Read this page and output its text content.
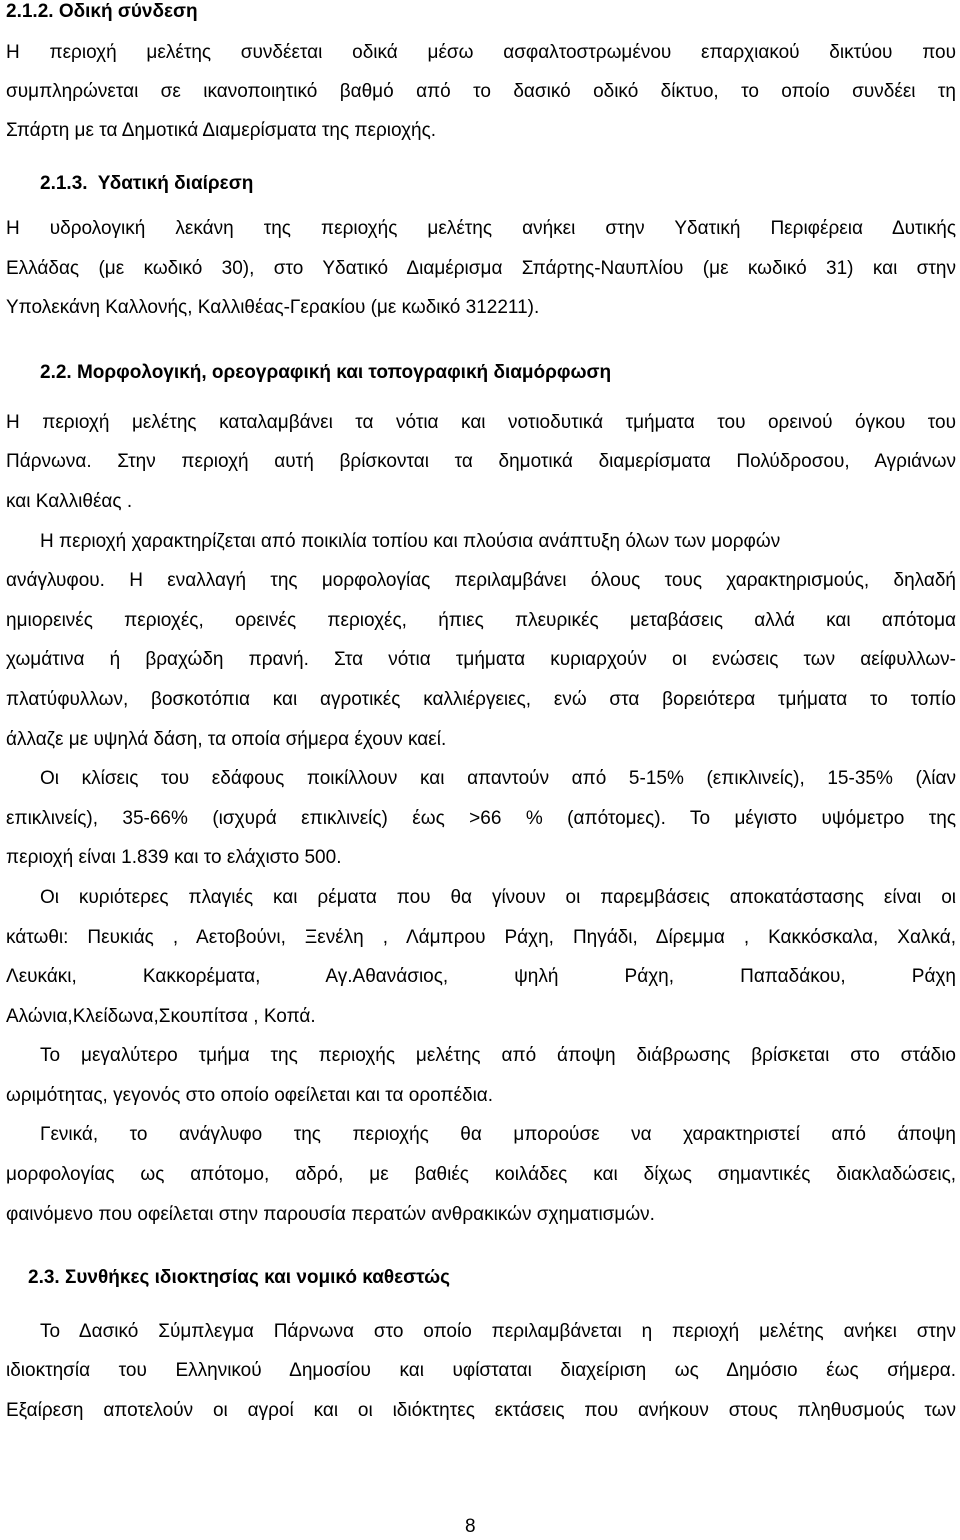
2.1.2. Οδική σύνδεση
Η περιοχή μελέτης συνδέεται οδικά μέσω ασφαλτοστρωμένου επαρχιακού δικτύου που
συμπληρώνεται σε ικανοποιητικό βαθμό από το δασικό οδικό δίκτυο, το οποίο συνδέει τη
Σπάρτη με τα Δημοτικά Διαμερίσματα της περιοχής.
2.1.3.  Υδατική διαίρεση
Η υδρολογική λεκάνη της περιοχής μελέτης ανήκει στην Υδατική Περιφέρεια Δυτικής
Ελλάδας (με κωδικό 30), στο Υδατικό Διαμέρισμα Σπάρτης-Ναυπλίου (με κωδικό 31) και στην
Υπολεκάνη Καλλονής, Καλλιθέας-Γερακίου (με κωδικό 312211).
2.2. Μορφολογική, ορεογραφική και τοπογραφική διαμόρφωση
Η περιοχή μελέτης καταλαμβάνει τα νότια και νοτιοδυτικά τμήματα του ορεινού όγκου του
Πάρνωνα. Στην περιοχή αυτή βρίσκονται τα δημοτικά διαμερίσματα Πολύδροσου, Αγριάνων
και Καλλιθέας .
Η περιοχή χαρακτηρίζεται από ποικιλία τοπίου και πλούσια ανάπτυξη όλων των μορφών
ανάγλυφου. Η εναλλαγή της μορφολογίας περιλαμβάνει όλους τους χαρακτηρισμούς, δηλαδή
ημιορεινές περιοχές, ορεινές περιοχές, ήπιες πλευρικές μεταβάσεις αλλά και απότομα
χωμάτινα ή βραχώδη πρανή. Στα νότια τμήματα κυριαρχούν οι ενώσεις των αείφυλλων-
πλατύφυλλων, βοσκοτόπια και αγροτικές καλλιέργειες, ενώ στα βορειότερα τμήματα το τοπίο
άλλαζε με υψηλά δάση, τα οποία σήμερα έχουν καεί.
Οι κλίσεις του εδάφους ποικίλλουν και απαντούν από 5-15% (επικλινείς), 15-35% (λίαν
επικλινείς), 35-66% (ισχυρά επικλινείς) έως >66 % (απότομες). Το μέγιστο υψόμετρο της
περιοχή είναι 1.839 και το ελάχιστο 500.
Οι κυριότερες πλαγιές και ρέματα που θα γίνουν οι παρεμβάσεις αποκατάστασης είναι οι
κάτωθι: Πευκιάς , Αετοβούνι, Ξενέλη , Λάμπρου Ράχη, Πηγάδι, Δίρεμμα , Κακκόσκαλα, Χαλκά,
Λευκάκι, Κακκορέματα, Αγ.Αθανάσιος, ψηλή Ράχη, Παπαδάκου, Ράχη
Αλώνια,Κλείδωνα,Σκουπίτσα , Κοπά.
Το μεγαλύτερο τμήμα της περιοχής μελέτης από άποψη διάβρωσης βρίσκεται στο στάδιο
ωριμότητας, γεγονός στο οποίο οφείλεται και τα οροπέδια.
Γενικά, το ανάγλυφο της περιοχής θα μπορούσε να χαρακτηριστεί από άποψη
μορφολογίας ως απότομο, αδρό, με βαθιές κοιλάδες και δίχως σημαντικές διακλαδώσεις,
φαινόμενο που οφείλεται στην παρουσία περατών ανθρακικών σχηματισμών.
2.3. Συνθήκες ιδιοκτησίας και νομικό καθεστώς
Το Δασικό Σύμπλεγμα Πάρνωνα στο οποίο περιλαμβάνεται η περιοχή μελέτης ανήκει στην
ιδιοκτησία του Ελληνικού Δημοσίου και υφίσταται διαχείριση ως Δημόσιο έως σήμερα.
Εξαίρεση αποτελούν οι αγροί και οι ιδιόκτητες εκτάσεις που ανήκουν στους πληθυσμούς των
8
